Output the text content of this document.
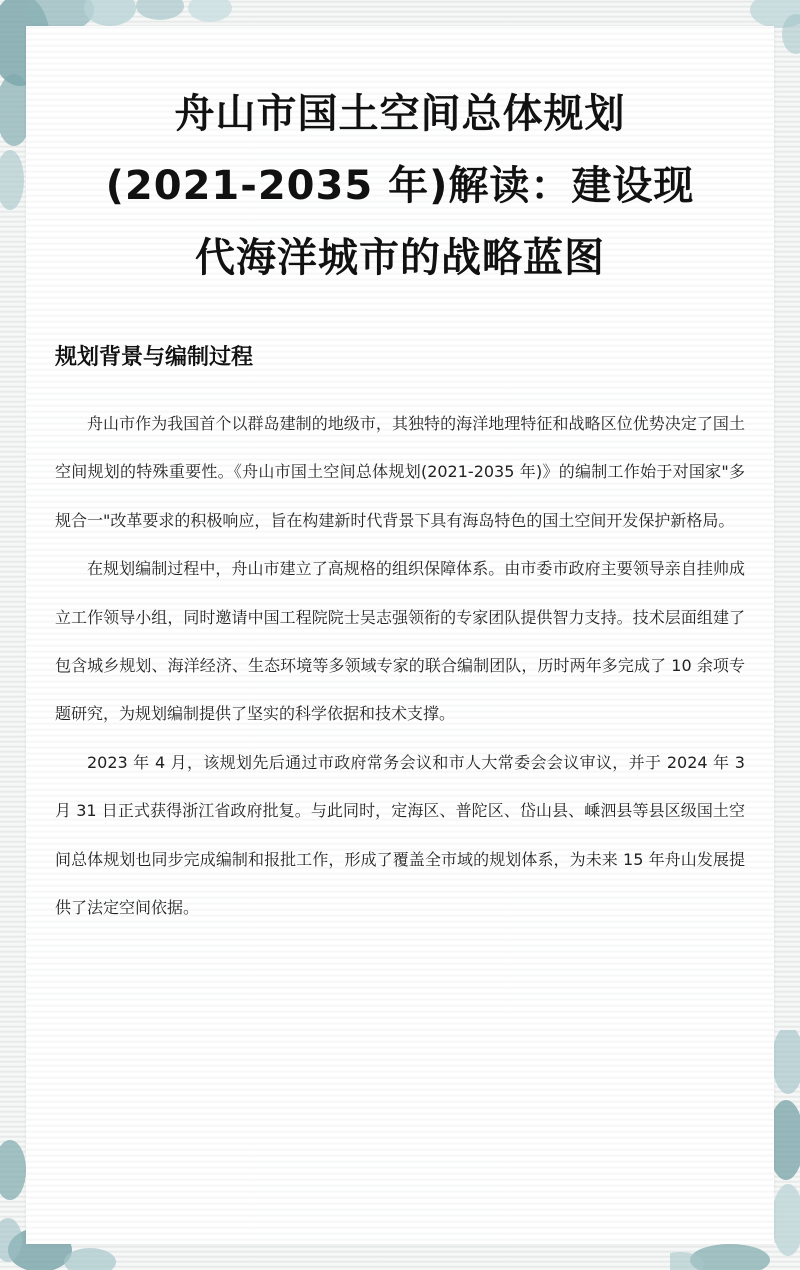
舟山市国土空间总体规划
(2021-2035 年)解读：建设现
代海洋城市的战略蓝图
规划背景与编制过程

舟山市作为我国首个以群岛建制的地级市，其独特的海洋地理特征和战略区位优势决定了国土空间规划的特殊重要性。《舟山市国土空间总体规划(2021-2035 年)》的编制工作始于对国家"多规合一"改革要求的积极响应，旨在构建新时代背景下具有海岛特色的国土空间开发保护新格局。

在规划编制过程中，舟山市建立了高规格的组织保障体系。由市委市政府主要领导亲自挂帅成立工作领导小组，同时邀请中国工程院院士吴志强领衔的专家团队提供智力支持。技术层面组建了包含城乡规划、海洋经济、生态环境等多领域专家的联合编制团队，历时两年多完成了 10 余项专题研究，为规划编制提供了坚实的科学依据和技术支撑。

2023 年 4 月，该规划先后通过市政府常务会议和市人大常委会会议审议，并于 2024 年 3 月 31 日正式获得浙江省政府批复。与此同时，定海区、普陀区、岱山县、嵊泗县等县区级国土空间总体规划也同步完成编制和报批工作，形成了覆盖全市域的规划体系，为未来 15 年舟山发展提供了法定空间依据。
